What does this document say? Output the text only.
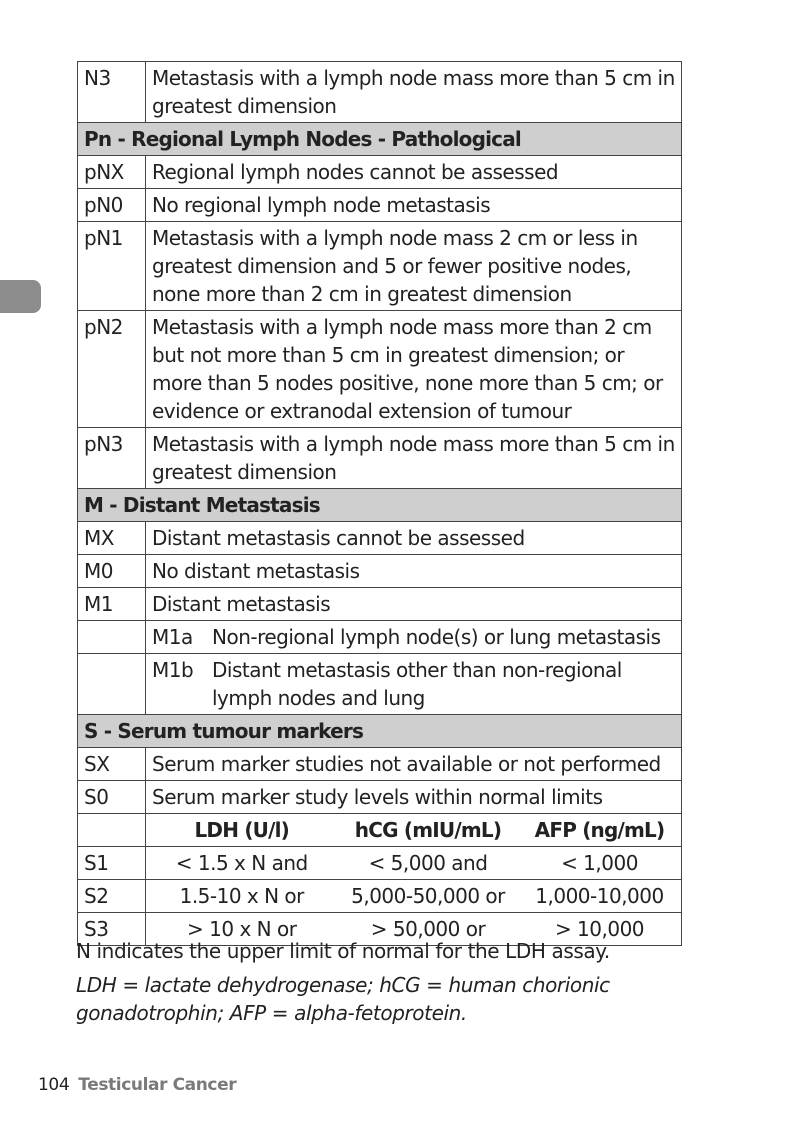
N3	Metastasis with a lymph node mass more than 5 cm in greatest dimension
Pn - Regional Lymph Nodes - Pathological
pNX	Regional lymph nodes cannot be assessed
pN0	No regional lymph node metastasis
pN1	Metastasis with a lymph node mass 2 cm or less in greatest dimension and 5 or fewer positive nodes, none more than 2 cm in greatest dimension
pN2	Metastasis with a lymph node mass more than 2 cm but not more than 5 cm in greatest dimension; or more than 5 nodes positive, none more than 5 cm; or evidence or extranodal extension of tumour
pN3	Metastasis with a lymph node mass more than 5 cm in greatest dimension
M - Distant Metastasis
MX	Distant metastasis cannot be assessed
M0	No distant metastasis
M1	Distant metastasis

M1a	Non-regional lymph node(s) or lung metastasis

M1b	Distant metastasis other than non-regional lymph nodes and lung

S - Serum tumour markers
SX	Serum marker studies not available or not performed
S0	Serum marker study levels within normal limits

	LDH (U/l)	hCG (mIU/mL)	AFP (ng/mL)
S1	< 1.5 x N and	< 5,000 and	< 1,000
S2	1.5-10 x N or	5,000-50,000 or	1,000-10,000
S3	> 10 x N or	> 50,000 or	> 10,000

N indicates the upper limit of normal for the LDH assay.

LDH = lactate dehydrogenase; hCG = human chorionic gonadotrophin; AFP = alpha-fetoprotein.

104 Testicular Cancer
